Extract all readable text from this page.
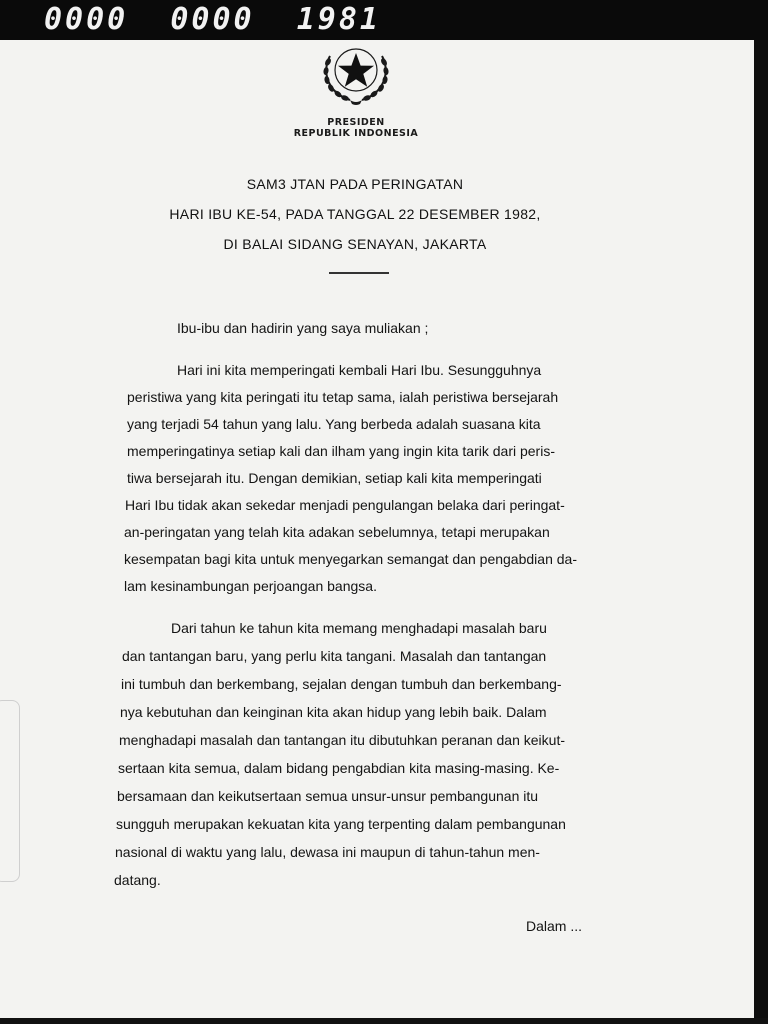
0000  0000  1981
PRESIDEN
REPUBLIK INDONESIA
SAM3 JTAN PADA PERINGATAN
HARI IBU KE-54, PADA TANGGAL 22 DESEMBER 1982,
DI BALAI SIDANG SENAYAN, JAKARTA
Ibu-ibu dan hadirin yang saya muliakan ;
Hari ini kita memperingati kembali Hari Ibu. Sesungguhnya
peristiwa yang kita peringati itu tetap sama, ialah peristiwa bersejarah
yang terjadi 54 tahun yang lalu. Yang berbeda adalah suasana kita
memperingatinya setiap kali dan ilham yang ingin kita tarik dari peris-
tiwa bersejarah itu. Dengan demikian, setiap kali kita memperingati
Hari Ibu tidak akan sekedar menjadi pengulangan belaka dari peringat-
an-peringatan yang telah kita adakan sebelumnya, tetapi merupakan
kesempatan bagi kita untuk menyegarkan semangat dan pengabdian da-
lam kesinambungan perjoangan bangsa.
Dari tahun ke tahun kita memang menghadapi masalah baru
dan tantangan baru, yang perlu kita tangani. Masalah dan tantangan
ini tumbuh dan berkembang, sejalan dengan tumbuh dan berkembang-
nya kebutuhan dan keinginan kita akan hidup yang lebih baik. Dalam
menghadapi masalah dan tantangan itu dibutuhkan peranan dan keikut-
sertaan kita semua, dalam bidang pengabdian kita masing-masing. Ke-
bersamaan dan keikutsertaan semua unsur-unsur pembangunan itu
sungguh merupakan kekuatan kita yang terpenting dalam pembangunan
nasional di waktu yang lalu, dewasa ini maupun di tahun-tahun men-
datang.
Dalam ...
